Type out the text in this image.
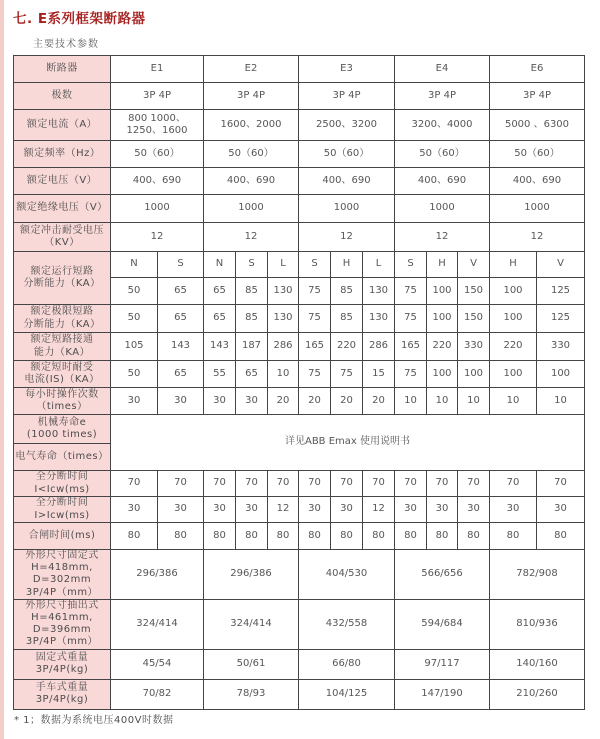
七. E系列框架断路器
主要技术参数
断路器	E1		E2			E3			E4			E6	
极数	3P 4P		3P 4P			3P 4P			3P 4P			3P 4P	
额定电流（A）	800 1000、
1250、1600		1600、2000			2500、3200			3200、4000			5000 、6300	
额定频率（Hz）	50（60）		50（60）			50（60）			50（60）			50（60）	
额定电压（V）	400、690		400、690			400、690			400、690			400、690	
额定绝缘电压（V）	1000		1000			1000			1000			1000	
额定冲击耐受电压
（KV）	12		12			12			12			12	
额定运行短路
分断能力（KA）	N	S	N	S	L	S	H	L	S	H	V	H	V
	50	65	65	85	130	75	85	130	75	100	150	100	125
额定极限短路
分断能力（KA）	50	65	65	85	130	75	85	130	75	100	150	100	125
额定短路接通
能力（KA）	105	143	143	187	286	165	220	286	165	220	330	220	330
额定短时耐受
电流(IS)（KA）	50	65	55	65	10	75	75	15	75	100	100	100	100
每小时操作次数
（times）	30	30	30	30	20	20	20	20	10	10	10	10	10
机械寿命e
(1000 times)	详见ABB Emax 使用说明书												
电气寿命（times）													
全分断时间
I<Icw(ms)	70	70	70	70	70	70	70	70	70	70	70	70	70
全分断时间
I>Icw(ms)	30	30	30	30	12	30	30	12	30	30	30	30	30
合闸时间(ms)	80	80	80	80	80	80	80	80	80	80	80	80	80
外形尺寸固定式
H=418mm,
D=302mm
3P/4P（mm）	296/386		296/386			404/530			566/656			782/908	
外形尺寸抽出式
H=461mm,
D=396mm
3P/4P（mm）	324/414		324/414			432/558			594/684			810/936	
固定式重量
3P/4P(kg)	45/54		50/61			66/80			97/117			140/160	
手车式重量
3P/4P(kg)	70/82		78/93			104/125			147/190			210/260	
* 1；数据为系统电压400V时数据
